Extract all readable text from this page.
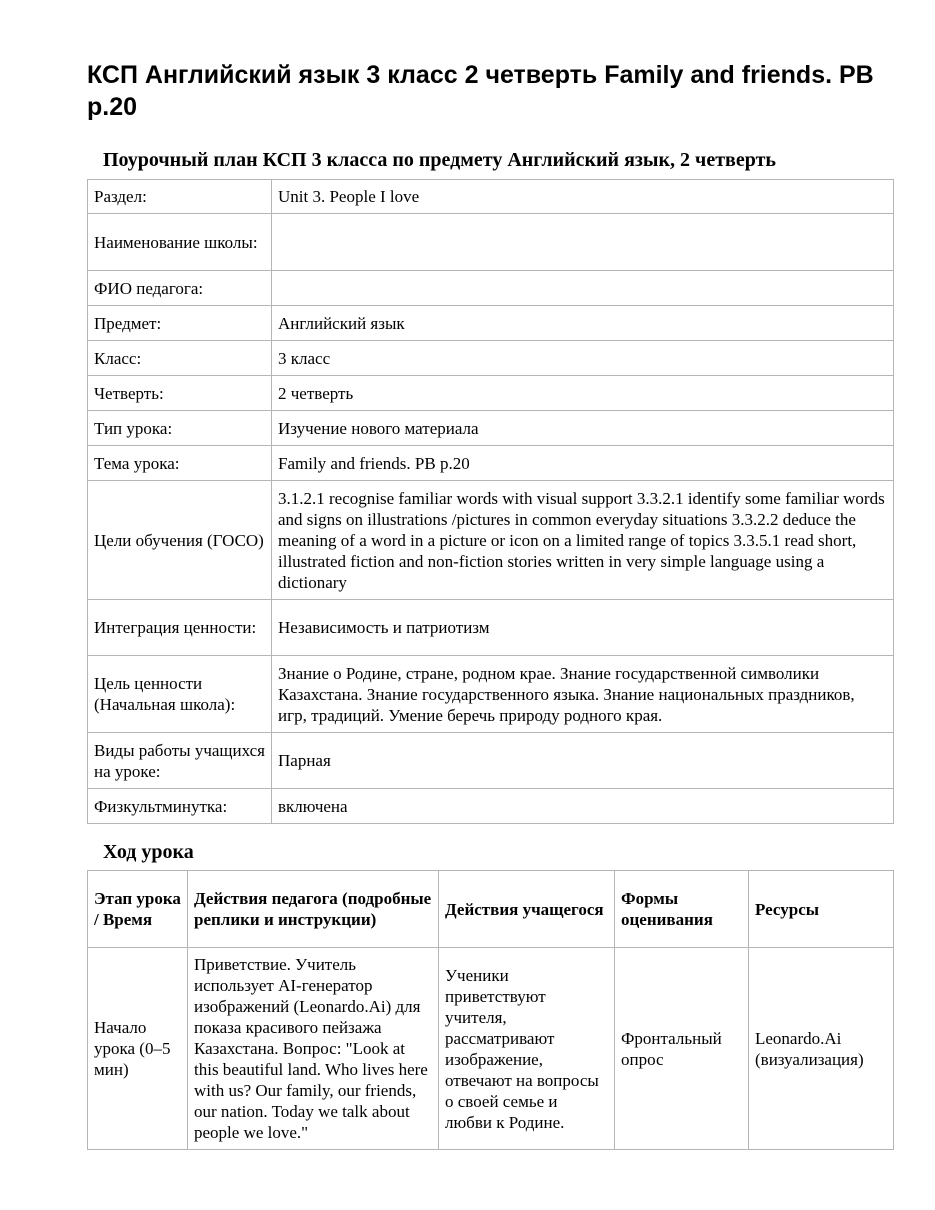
КСП Английский язык 3 класс 2 четверть Family and friends. PB p.20
Поурочный план КСП 3 класса по предмету Английский язык, 2 четверть
Раздел:	Unit 3. People I love
Наименование школы:	
ФИО педагога:	
Предмет:	Английский язык
Класс:	3 класс
Четверть:	2 четверть
Тип урока:	Изучение нового материала
Тема урока:	Family and friends. PB p.20
Цели обучения (ГОСО)	3.1.2.1 recognise familiar words with visual support 3.3.2.1 identify some familiar words and signs on illustrations /pictures in common everyday situations 3.3.2.2 deduce the meaning of a word in a picture or icon on a limited range of topics 3.3.5.1 read short, illustrated fiction and non-fiction stories written in very simple language using a dictionary
Интеграция ценности:	Независимость и патриотизм
Цель ценности (Начальная школа):	Знание о Родине, стране, родном крае. Знание государственной символики Казахстана. Знание государственного языка. Знание национальных праздников, игр, традиций. Умение беречь природу родного края.
Виды работы учащихся на уроке:	Парная
Физкультминутка:	включена
Ход урока
Этап урока / Время	Действия педагога (подробные реплики и инструкции)	Действия учащегося	Формы оценивания	Ресурсы
Начало урока (0–5 мин)	Приветствие. Учитель использует AI-генератор изображений (Leonardo.Ai) для показа красивого пейзажа Казахстана. Вопрос: "Look at this beautiful land. Who lives here with us? Our family, our friends, our nation. Today we talk about people we love."	Ученики приветствуют учителя, рассматривают изображение, отвечают на вопросы о своей семье и любви к Родине.	Фронтальный опрос	Leonardo.Ai (визуализация)
